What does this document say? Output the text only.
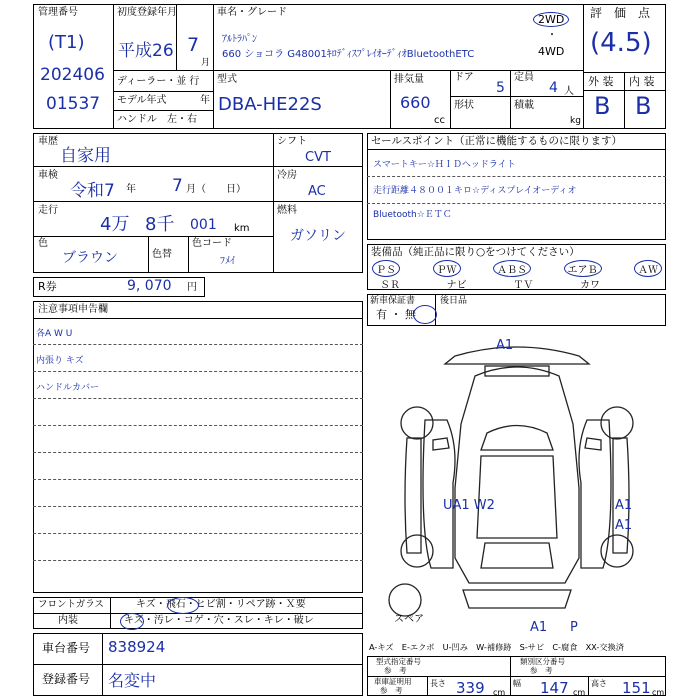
管理番号
(T1)
202406
01537
初度登録年月
平成26 7
月
ディーラー・並 行
モデル年式	年
ハンドル　左・右
車名・グレード
ｱﾙﾄﾗﾊﾟﾝ
660 ショコラ G48001ｷﾛﾃﾞｨｽﾌﾟﾚｲｵｰﾃﾞｨｵBluetoothETC
2WD
・
4WD
型式
DBA-HE22S
排気量
660
cc
ドア
5
定員
4 人
形状	積載
kg
評　価　点
(4.5)
外 装 内 装
B B
車歴
自家用
車検
令和7 年 7 月（　　日）
走行
4万 8千 001 km
色
ブラウン	色替
色コード
ﾌﾒｲ
シフト
CVT
冷房
AC
燃料
ガソリン
R券	9, 070 円
注意事項申告欄
各A W U
内張り キズ
ハンドルカバー
セールスポイント（正常に機能するものに限ります）
スマートキー☆ＨＩＤヘッドライト
走行距離４８００１キロ☆ディスプレイオーディオ
Bluetooth☆ＥＴＣ
装備品（純正品に限り○をつけてください）
ＰＳ	ＰＷ	ＡＢＳ	エアＢ	ＡＷ
ＳＲ	ナビ	ＴＶ	カワ
新車保証書
有 ・ 無
後日品
A1
UA1 W2	A1
A1
A1 P
スペア
A-キズ　E-エクボ　U-凹み　W-補修跡　S-サビ　C-腐食　XX-交換済
フロントガラス	キズ・飛石・ヒビ割・リペア跡・Ｘ要
内装	キズ・汚レ・コゲ・穴・スレ・キレ・破レ
車台番号 838924
登録番号 名変中
型式指定番号
参　考
類別区分番号
参　考
車庫証明用
参　考
長さ 339 cm
幅 147 cm
高さ 151 cm
